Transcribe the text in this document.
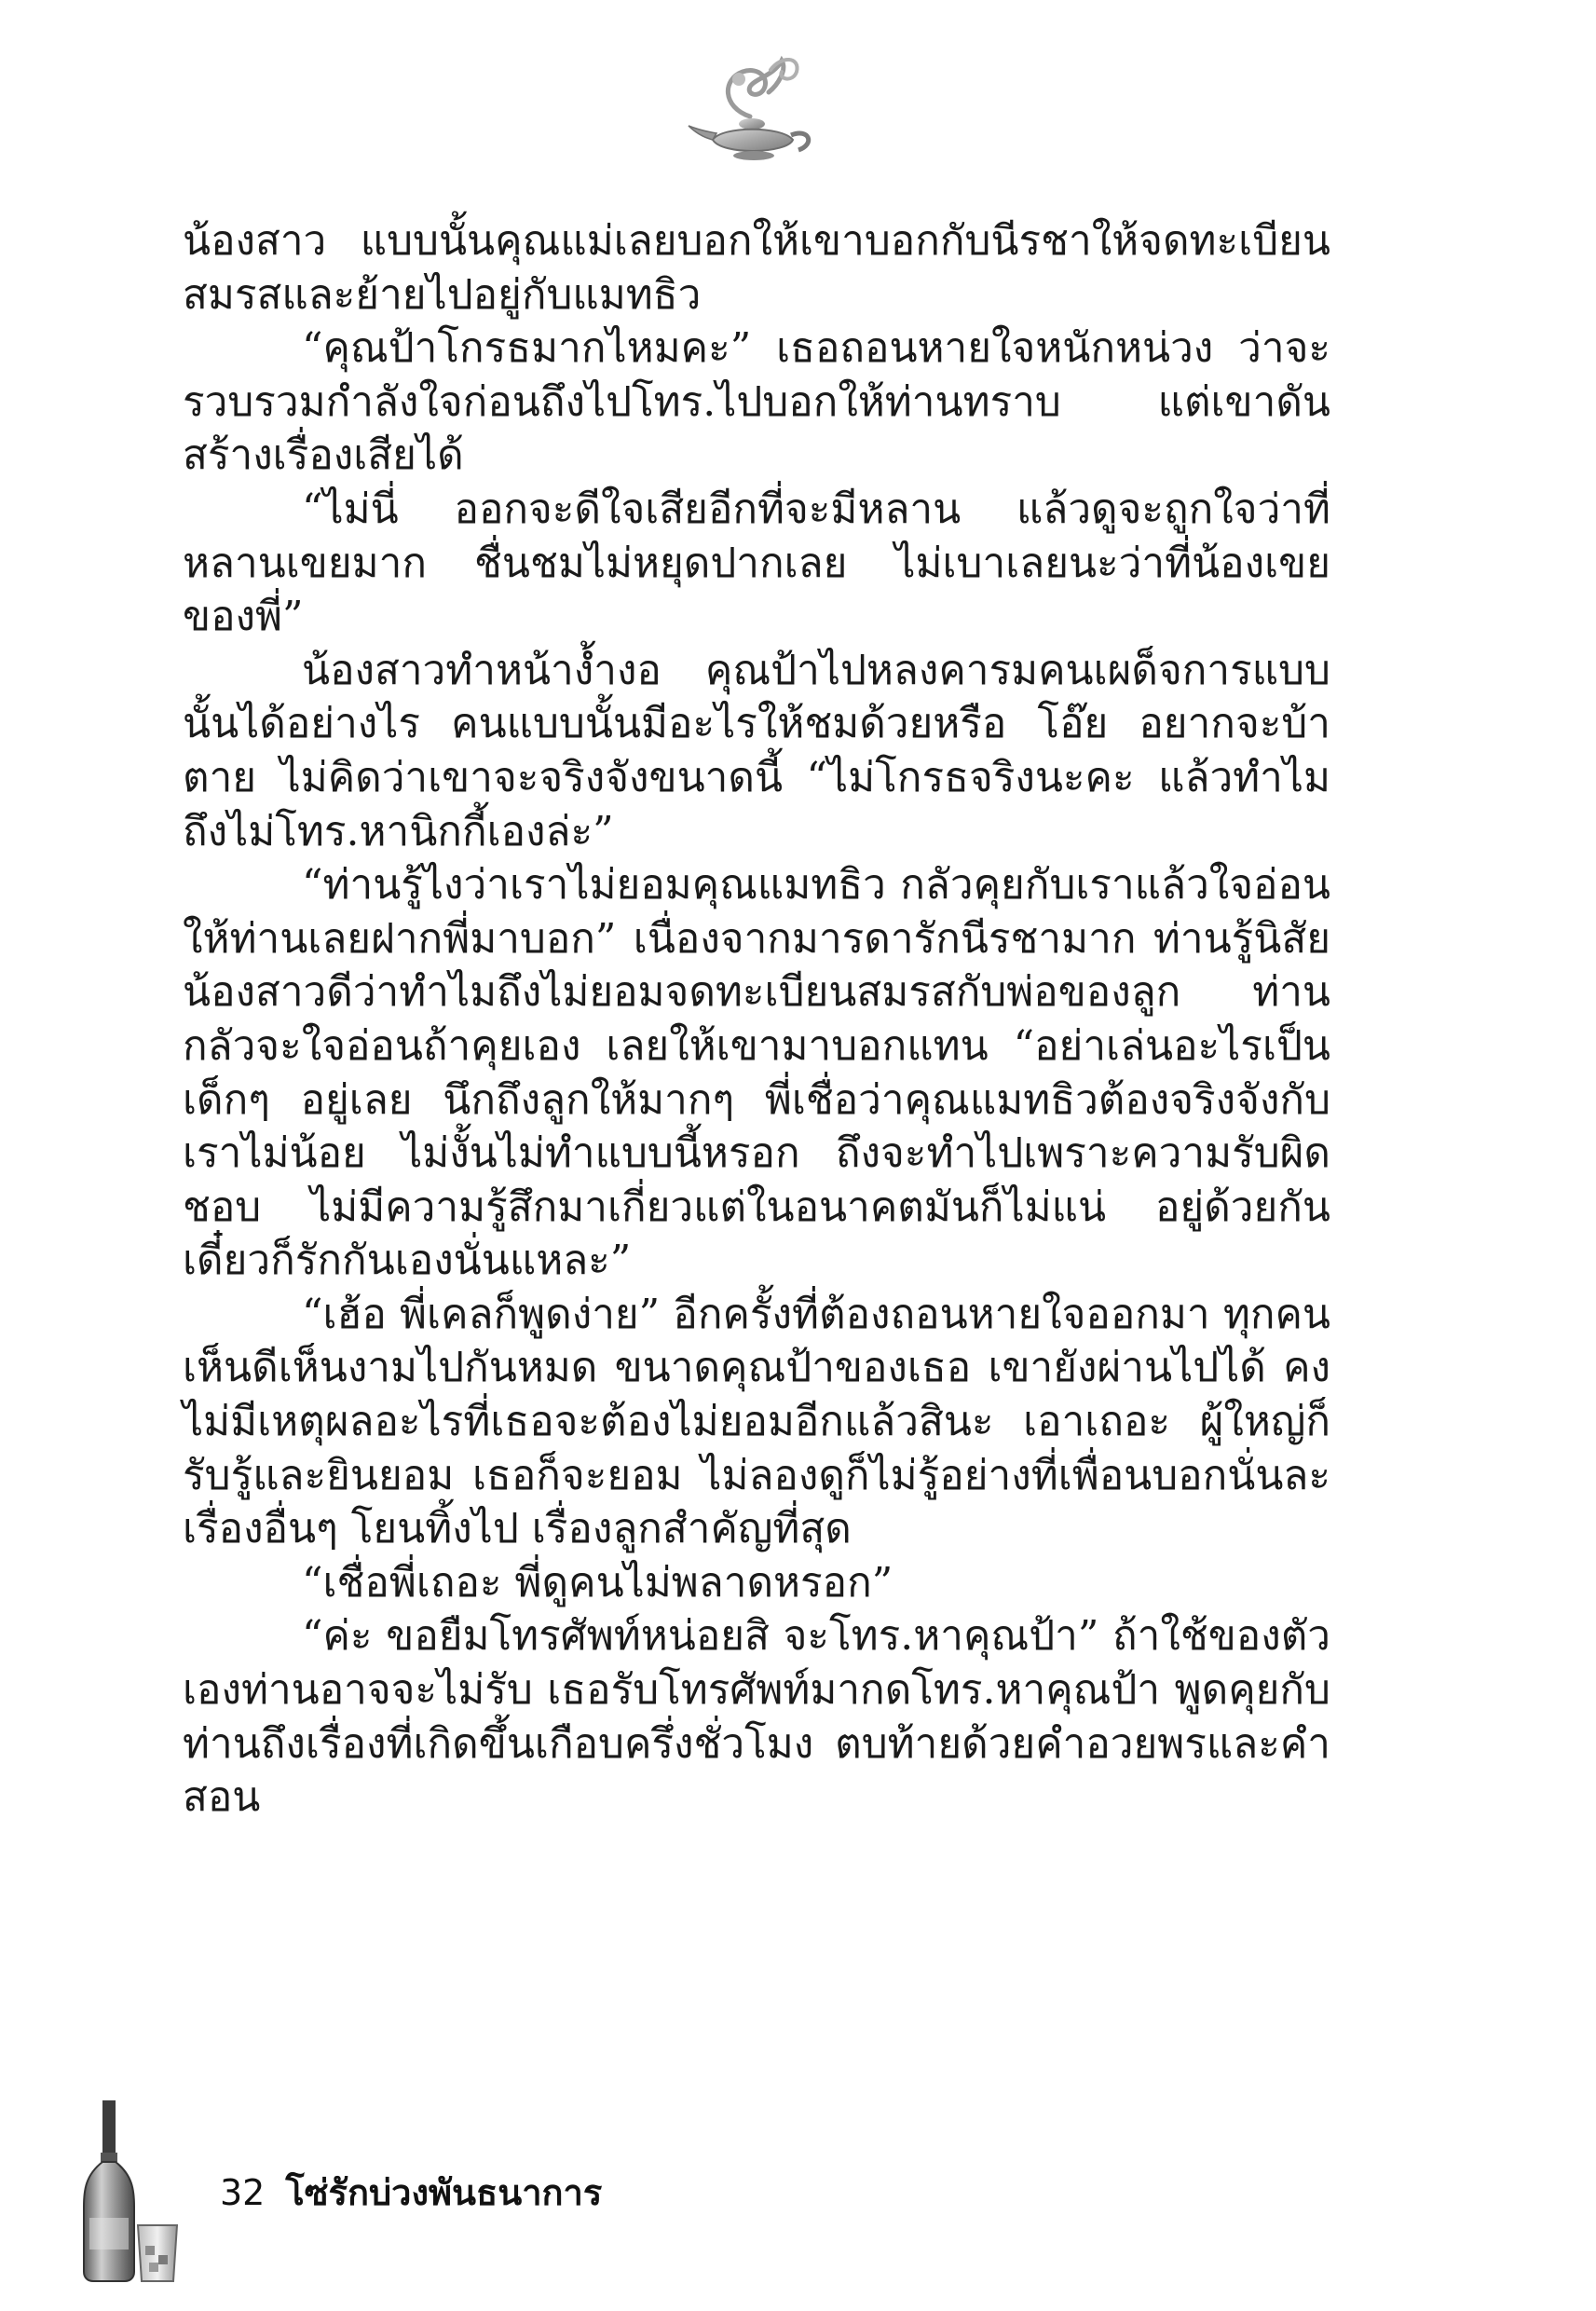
น้องสาว แบบนั้นคุณแม่เลยบอกให้เขาบอกกับนีรชาให้จดทะเบียนสมรสและย้ายไปอยู่กับแมทธิว

“คุณป้าโกรธมากไหมคะ” เธอถอนหายใจหนักหน่วง ว่าจะรวบรวมกำลังใจก่อนถึงไปโทร.ไปบอกให้ท่านทราบ แต่เขาดันสร้างเรื่องเสียได้

“ไม่นี่ ออกจะดีใจเสียอีกที่จะมีหลาน แล้วดูจะถูกใจว่าที่หลานเขยมาก ชื่นชมไม่หยุดปากเลย ไม่เบาเลยนะว่าที่น้องเขยของพี่”

น้องสาวทำหน้างํ้างอ คุณป้าไปหลงคารมคนเผด็จการแบบนั้นได้อย่างไร คนแบบนั้นมีอะไรให้ชมด้วยหรือ โอ๊ย อยากจะบ้าตาย ไม่คิดว่าเขาจะจริงจังขนาดนี้ “ไม่โกรธจริงนะคะ แล้วทำไมถึงไม่โทร.หานิกกี้เองล่ะ”

“ท่านรู้ไงว่าเราไม่ยอมคุณแมทธิว กลัวคุยกับเราแล้วใจอ่อนให้ท่านเลยฝากพี่มาบอก” เนื่องจากมารดารักนีรชามาก ท่านรู้นิสัยน้องสาวดีว่าทำไมถึงไม่ยอมจดทะเบียนสมรสกับพ่อของลูก ท่านกลัวจะใจอ่อนถ้าคุยเอง เลยให้เขามาบอกแทน “อย่าเล่นอะไรเป็นเด็กๆ อยู่เลย นึกถึงลูกให้มากๆ พี่เชื่อว่าคุณแมทธิวต้องจริงจังกับเราไม่น้อย ไม่งั้นไม่ทำแบบนี้หรอก ถึงจะทำไปเพราะความรับผิดชอบ ไม่มีความรู้สึกมาเกี่ยวแต่ในอนาคตมันก็ไม่แน่ อยู่ด้วยกัน เดี๋ยวก็รักกันเองนั่นแหละ”

“เฮ้อ พี่เคลก็พูดง่าย” อีกครั้งที่ต้องถอนหายใจออกมา ทุกคนเห็นดีเห็นงามไปกันหมด ขนาดคุณป้าของเธอ เขายังผ่านไปได้ คงไม่มีเหตุผลอะไรที่เธอจะต้องไม่ยอมอีกแล้วสินะ เอาเถอะ ผู้ใหญ่ก็รับรู้และยินยอม เธอก็จะยอม ไม่ลองดูก็ไม่รู้อย่างที่เพื่อนบอกนั่นละ เรื่องอื่นๆ โยนทิ้งไป เรื่องลูกสำคัญที่สุด

“เชื่อพี่เถอะ พี่ดูคนไม่พลาดหรอก”

“ค่ะ ขอยืมโทรศัพท์หน่อยสิ จะโทร.หาคุณป้า” ถ้าใช้ของตัวเองท่านอาจจะไม่รับ เธอรับโทรศัพท์มากดโทร.หาคุณป้า พูดคุยกับท่านถึงเรื่องที่เกิดขึ้นเกือบครึ่งชั่วโมง ตบท้ายด้วยคำอวยพรและคำสอน

32 โซ่รักบ่วงพันธนาการ
